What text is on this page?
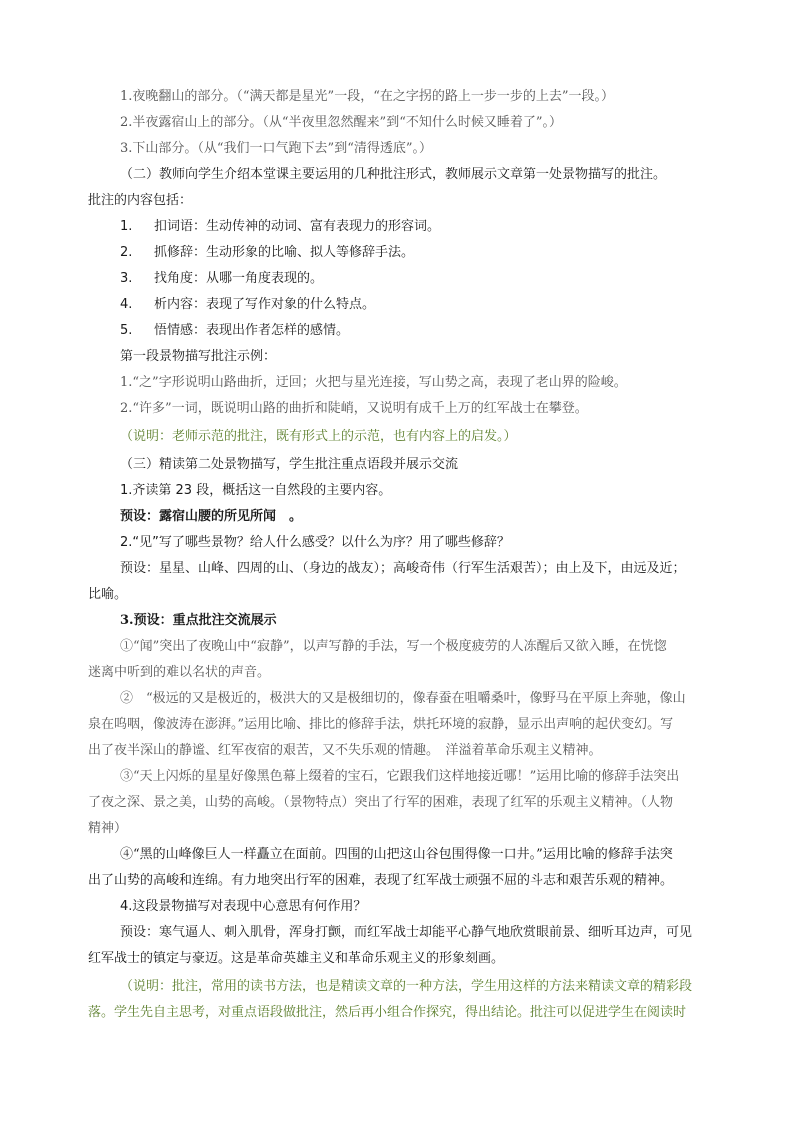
1.夜晚翻山的部分。（“满天都是星光”一段，“在之字拐的路上一步一步的上去”一段。）
2.半夜露宿山上的部分。（从“半夜里忽然醒来”到“不知什么时候又睡着了”。）
3.下山部分。（从“我们一口气跑下去”到“清得透底”。）
（二）教师向学生介绍本堂课主要运用的几种批注形式，教师展示文章第一处景物描写的批注。
批注的内容包括：
1. 扣词语：生动传神的动词、富有表现力的形容词。
2. 抓修辞：生动形象的比喻、拟人等修辞手法。
3. 找角度：从哪一角度表现的。
4. 析内容：表现了写作对象的什么特点。
5. 悟情感：表现出作者怎样的感情。
第一段景物描写批注示例：
1.“之”字形说明山路曲折，迂回；火把与星光连接，写山势之高，表现了老山界的险峻。
2.“许多”一词，既说明山路的曲折和陡峭，又说明有成千上万的红军战士在攀登。
（说明：老师示范的批注，既有形式上的示范，也有内容上的启发。）
（三）精读第二处景物描写，学生批注重点语段并展示交流
1.齐读第 23 段，概括这一自然段的主要内容。
预设：露宿山腰的所见所闻　。
2.“见”写了哪些景物？给人什么感受？以什么为序？用了哪些修辞？
预设：星星、山峰、四周的山、（身边的战友）；高峻奇伟（行军生活艰苦）；由上及下，由远及近；
比喻。
3.预设：重点批注交流展示
①“闻”突出了夜晚山中“寂静”，以声写静的手法，写一个极度疲劳的人冻醒后又欲入睡，在恍惚
迷离中听到的难以名状的声音。
②　“极远的又是极近的，极洪大的又是极细切的，像春蚕在咀嚼桑叶，像野马在平原上奔驰，像山
泉在呜咽，像波涛在澎湃。”运用比喻、排比的修辞手法，烘托环境的寂静，显示出声响的起伏变幻。写
出了夜半深山的静谧、红军夜宿的艰苦，又不失乐观的情趣。　洋溢着革命乐观主义精神。
③“天上闪烁的星星好像黑色幕上缀着的宝石，它跟我们这样地接近哪！”运用比喻的修辞手法突出
了夜之深、景之美，山势的高峻。（景物特点）突出了行军的困难，表现了红军的乐观主义精神。（人物
精神）
④“黑的山峰像巨人一样矗立在面前。四围的山把这山谷包围得像一口井。”运用比喻的修辞手法突
出了山势的高峻和连绵。有力地突出行军的困难，表现了红军战士顽强不屈的斗志和艰苦乐观的精神。
4.这段景物描写对表现中心意思有何作用？
预设：寒气逼人、刺入肌骨，浑身打颤，而红军战士却能平心静气地欣赏眼前景、细听耳边声，可见
红军战士的镇定与豪迈。这是革命英雄主义和革命乐观主义的形象刻画。
（说明：批注，常用的读书方法，也是精读文章的一种方法，学生用这样的方法来精读文章的精彩段
落。学生先自主思考，对重点语段做批注，然后再小组合作探究，得出结论。批注可以促进学生在阅读时
